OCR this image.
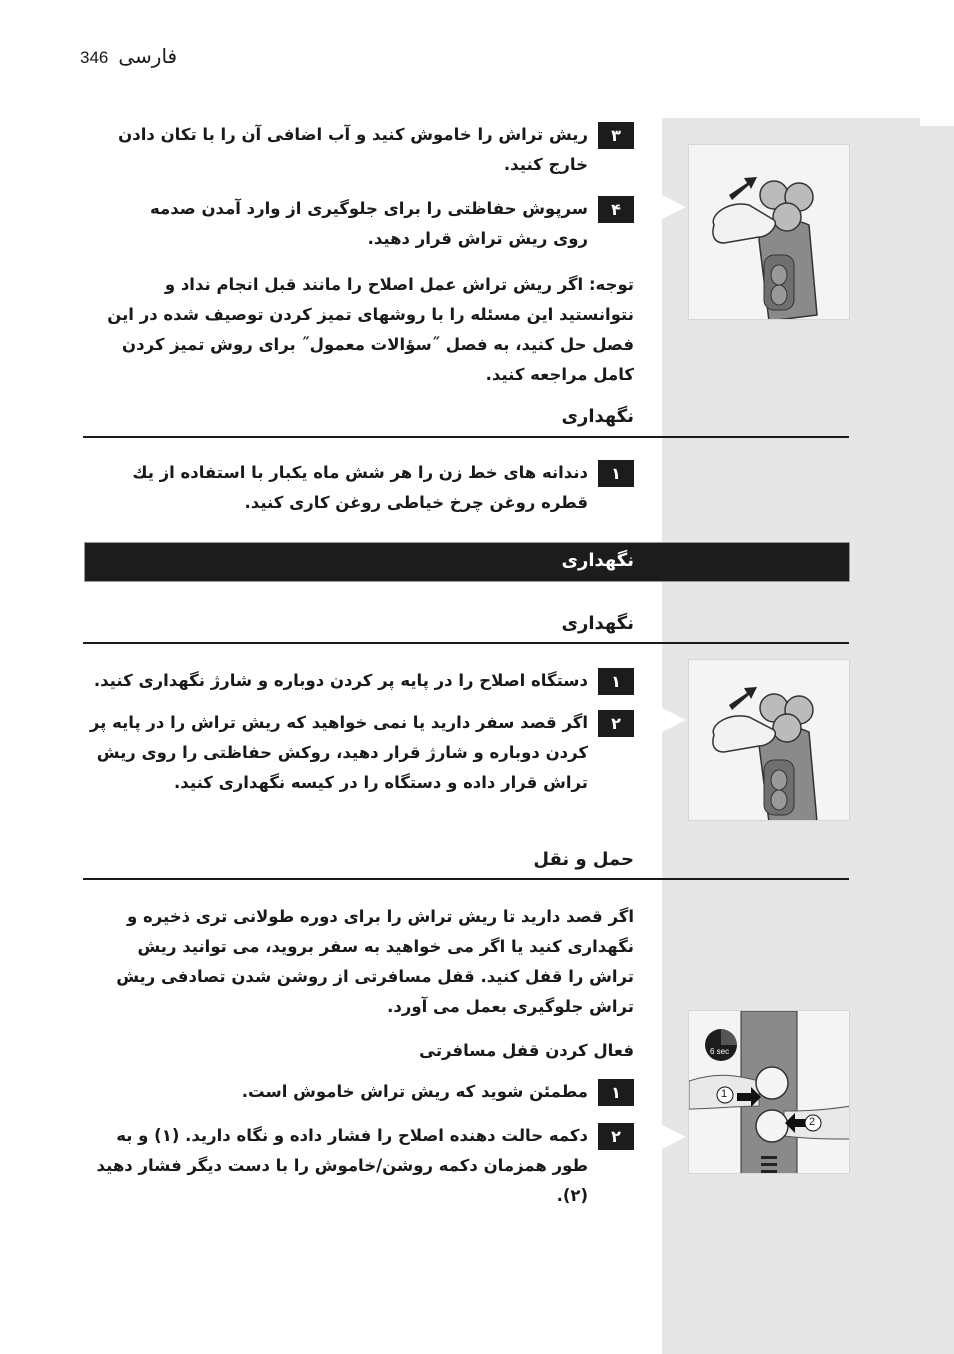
346 فارسی
6 sec
1
2
۳
ریش تراش را خاموش کنید و آب اضافی آن را با تکان دادن خارج کنید.
۴
سرپوش حفاظتی را برای جلوگیری از وارد آمدن صدمه روی ریش تراش قرار دهید.
توجه: اگر ریش تراش عمل اصلاح را مانند قبل انجام نداد و نتوانستید این مسئله را با روشهای تمیز کردن توصیف شده در این فصل حل کنید، به فصل ˝سؤالات معمول˝ برای روش تمیز کردن کامل مراجعه کنید.
نگهداری
۱
دندانه های خط زن را هر شش ماه یکبار با استفاده از یك قطره روغن چرخ خیاطی روغن کاری کنید.
نگهداری
نگهداری
۱
دستگاه اصلاح را در پایه پر کردن دوباره و شارژ نگهداری کنید.
۲
اگر قصد سفر دارید یا نمی خواهید که ریش تراش را در پایه پر کردن دوباره و شارژ قرار دهید، روکش حفاظتی را روی ریش تراش قرار داده و دستگاه را در کیسه نگهداری کنید.
حمل و نقل
اگر قصد دارید تا ریش تراش را برای دوره طولانی تری ذخیره و نگهداری کنید یا اگر می خواهید به سفر بروید، می توانید ریش تراش را قفل کنید. قفل مسافرتی از روشن شدن تصادفی ریش تراش جلوگیری بعمل می آورد.
فعال کردن قفل مسافرتی
۱
مطمئن شوید که ریش تراش خاموش است.
۲
دکمه حالت دهنده اصلاح را فشار داده و نگاه دارید. (۱) و به طور همزمان دکمه روشن/خاموش را با دست دیگر فشار دهید (۲).
